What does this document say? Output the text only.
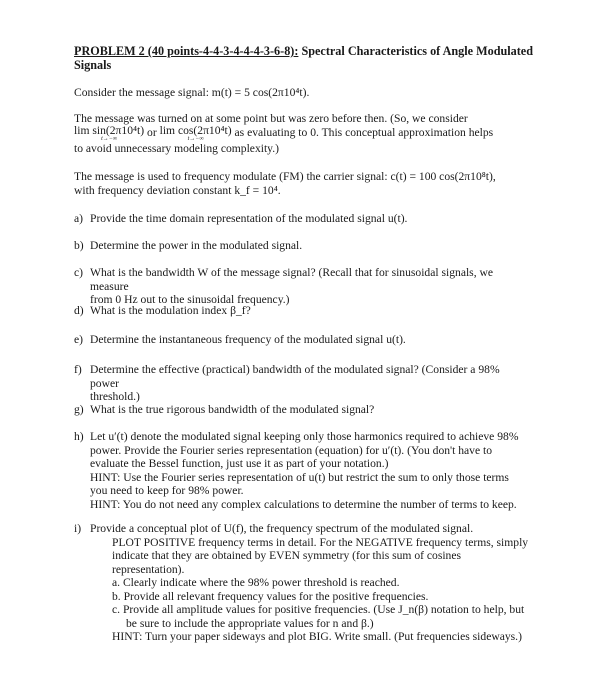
PROBLEM 2 (40 points-4-4-3-4-4-4-3-6-8): Spectral Characteristics of Angle Modulated
Signals
Consider the message signal: m(t) = 5 cos(2π10⁴t).
The message was turned on at some point but was zero before then. (So, we consider
lim sin(2π10⁴t)
t→−∞	or lim cos(2π10⁴t)
t→−∞	as evaluating to 0. This conceptual approximation helps
to avoid unnecessary modeling complexity.)
The message is used to frequency modulate (FM) the carrier signal: c(t) = 100 cos(2π10⁸t),
with frequency deviation constant k_f = 10⁴.
a) Provide the time domain representation of the modulated signal u(t).
b) Determine the power in the modulated signal.
c) What is the bandwidth W of the message signal? (Recall that for sinusoidal signals, we measure
from 0 Hz out to the sinusoidal frequency.)
d) What is the modulation index β_f?
e) Determine the instantaneous frequency of the modulated signal u(t).
f) Determine the effective (practical) bandwidth of the modulated signal? (Consider a 98% power
threshold.)
g) What is the true rigorous bandwidth of the modulated signal?
h) Let u′(t) denote the modulated signal keeping only those harmonics required to achieve 98%
power. Provide the Fourier series representation (equation) for u′(t). (You don't have to
evaluate the Bessel function, just use it as part of your notation.)
HINT: Use the Fourier series representation of u(t) but restrict the sum to only those terms
you need to keep for 98% power.
HINT: You do not need any complex calculations to determine the number of terms to keep.
i) Provide a conceptual plot of U(f), the frequency spectrum of the modulated signal.
PLOT POSITIVE frequency terms in detail. For the NEGATIVE frequency terms, simply
indicate that they are obtained by EVEN symmetry (for this sum of cosines representation).
a. Clearly indicate where the 98% power threshold is reached.
b. Provide all relevant frequency values for the positive frequencies.
c. Provide all amplitude values for positive frequencies. (Use J_n(β) notation to help, but
be sure to include the appropriate values for n and β.)
HINT: Turn your paper sideways and plot BIG. Write small. (Put frequencies sideways.)
